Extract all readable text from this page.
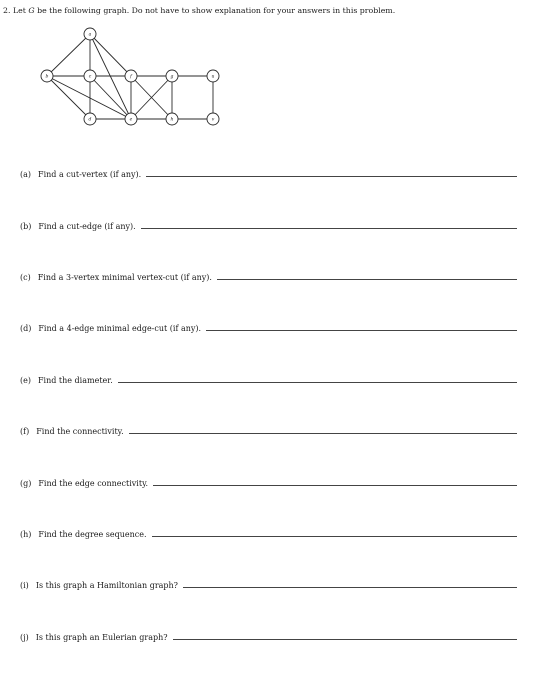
2. Let G be the following graph. Do not have to show explanation for your answers in this problem.
a
b	c
d	e
f	g
h
u
v
(a) Find a cut-vertex (if any).
(b) Find a cut-edge (if any).
(c) Find a 3-vertex minimal vertex-cut (if any).
(d) Find a 4-edge minimal edge-cut (if any).
(e) Find the diameter.
(f) Find the connectivity.
(g) Find the edge connectivity.
(h) Find the degree sequence.
(i) Is this graph a Hamiltonian graph?
(j) Is this graph an Eulerian graph?
